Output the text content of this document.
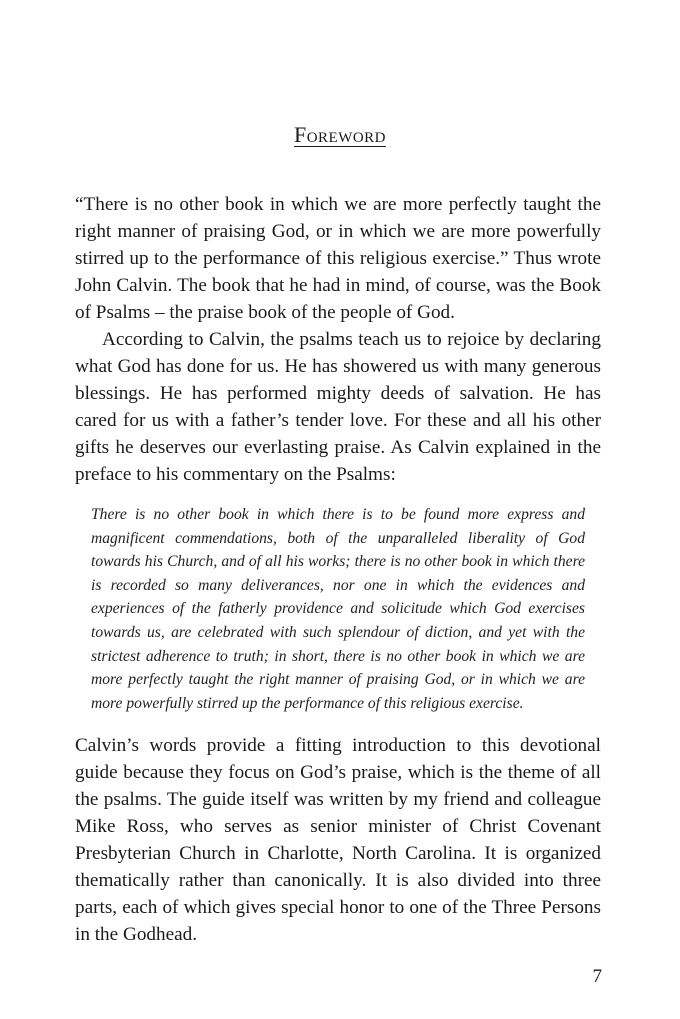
Foreword

“There is no other book in which we are more perfectly taught the right manner of praising God, or in which we are more powerfully stirred up to the performance of this religious exercise.” Thus wrote John Calvin. The book that he had in mind, of course, was the Book of Psalms – the praise book of the people of God.

According to Calvin, the psalms teach us to rejoice by declaring what God has done for us. He has showered us with many generous blessings. He has performed mighty deeds of salvation. He has cared for us with a father’s tender love. For these and all his other gifts he deserves our everlasting praise. As Calvin explained in the preface to his commentary on the Psalms:

There is no other book in which there is to be found more express and magnificent commendations, both of the unparalleled liberality of God towards his Church, and of all his works; there is no other book in which there is recorded so many deliverances, nor one in which the evidences and experiences of the fatherly providence and solicitude which God exercises towards us, are celebrated with such splendour of diction, and yet with the strictest adherence to truth; in short, there is no other book in which we are more perfectly taught the right manner of praising God, or in which we are more powerfully stirred up the performance of this religious exercise.

Calvin’s words provide a fitting introduction to this devotional guide because they focus on God’s praise, which is the theme of all the psalms. The guide itself was written by my friend and colleague Mike Ross, who serves as senior minister of Christ Covenant Presbyterian Church in Charlotte, North Carolina. It is organized thematically rather than canonically. It is also divided into three parts, each of which gives special honor to one of the Three Persons in the Godhead.

7
